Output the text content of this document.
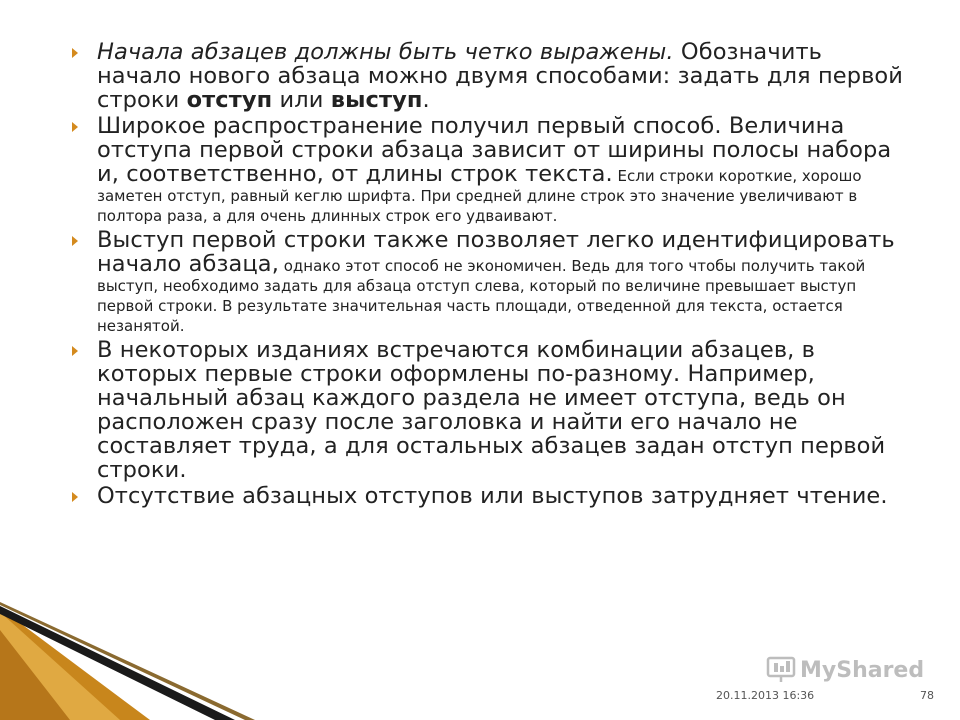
Начала абзацев должны быть четко выражены. Обозначить начало нового абзаца можно двумя способами: задать для первой строки отступ или выступ.
Широкое распространение получил первый способ. Величина отступа первой строки абзаца зависит от ширины полосы набора и, соответственно, от длины строк текста. Если строки короткие, хорошо заметен отступ, равный кеглю шрифта. При средней длине строк это значение увеличивают в полтора раза, а для очень длинных строк его удваивают.
Выступ первой строки также позволяет легко идентифицировать начало абзаца, однако этот способ не экономичен. Ведь для того чтобы получить такой выступ, необходимо задать для абзаца отступ слева, который по величине превышает выступ первой строки. В результате значительная часть площади, отведенной для текста, остается незанятой.
В некоторых изданиях встречаются комбинации абзацев, в которых первые строки оформлены по-разному. Например, начальный абзац каждого раздела не имеет отступа, ведь он расположен сразу после заголовка и найти его начало не составляет труда, а для остальных абзацев задан отступ первой строки.
Отсутствие абзацных отступов или выступов затрудняет чтение.
MyShared
20.11.2013 16:36	78
